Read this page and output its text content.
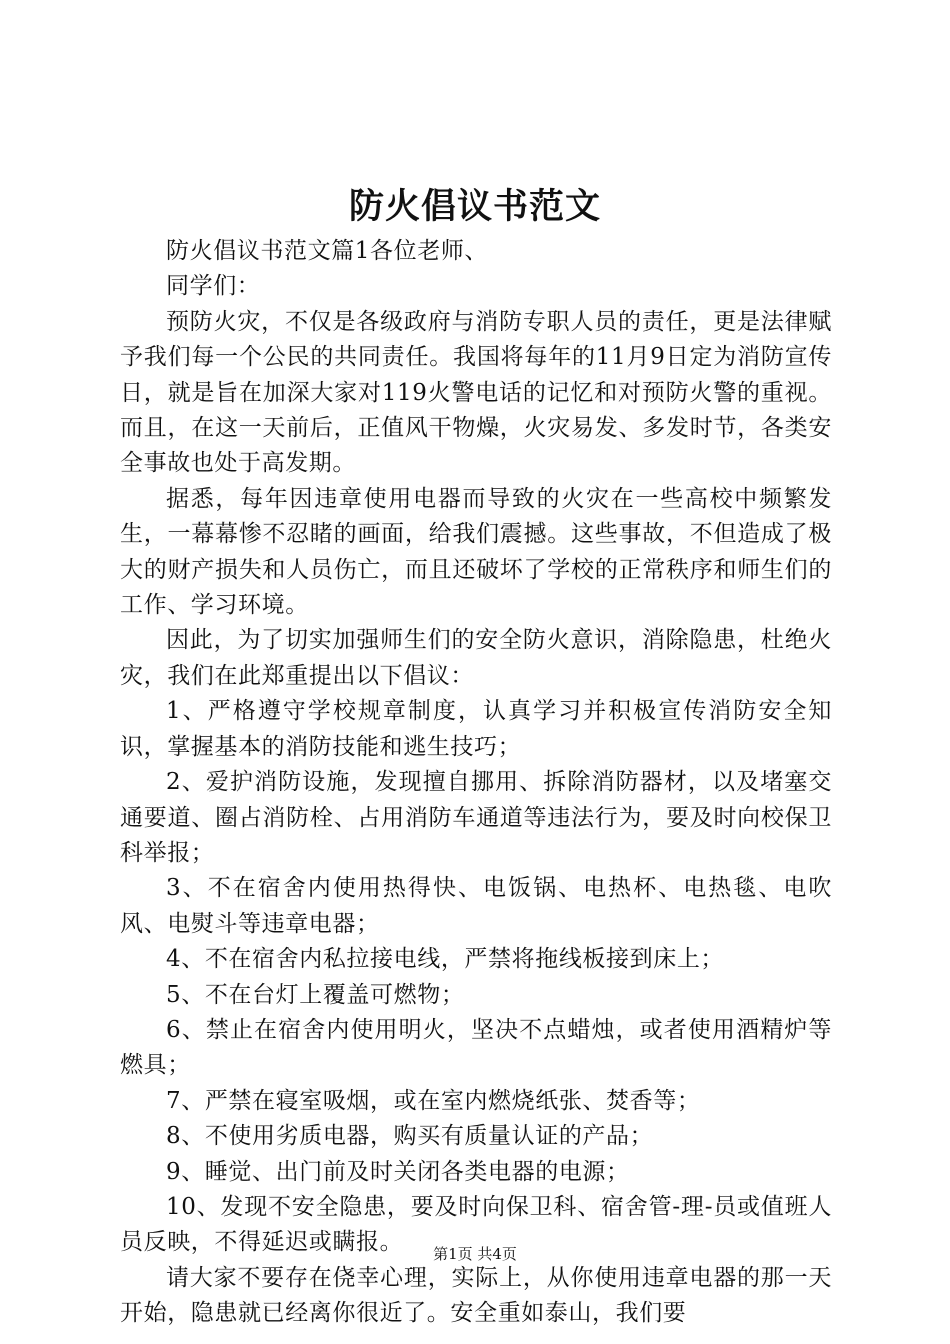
防火倡议书范文

防火倡议书范文篇1各位老师、

同学们：

预防火灾，不仅是各级政府与消防专职人员的责任，更是法律赋予我们每一个公民的共同责任。我国将每年的11月9日定为消防宣传日，就是旨在加深大家对119火警电话的记忆和对预防火警的重视。而且，在这一天前后，正值风干物燥，火灾易发、多发时节，各类安全事故也处于高发期。

据悉，每年因违章使用电器而导致的火灾在一些高校中频繁发生，一幕幕惨不忍睹的画面，给我们震撼。这些事故，不但造成了极大的财产损失和人员伤亡，而且还破坏了学校的正常秩序和师生们的工作、学习环境。

因此，为了切实加强师生们的安全防火意识，消除隐患，杜绝火灾，我们在此郑重提出以下倡议：

1、严格遵守学校规章制度，认真学习并积极宣传消防安全知识，掌握基本的消防技能和逃生技巧；

2、爱护消防设施，发现擅自挪用、拆除消防器材，以及堵塞交通要道、圈占消防栓、占用消防车通道等违法行为，要及时向校保卫科举报；

3、不在宿舍内使用热得快、电饭锅、电热杯、电热毯、电吹风、电熨斗等违章电器；

4、不在宿舍内私拉接电线，严禁将拖线板接到床上；

5、不在台灯上覆盖可燃物；

6、禁止在宿舍内使用明火，坚决不点蜡烛，或者使用酒精炉等燃具；

7、严禁在寝室吸烟，或在室内燃烧纸张、焚香等；

8、不使用劣质电器，购买有质量认证的产品；

9、睡觉、出门前及时关闭各类电器的电源；

10、发现不安全隐患，要及时向保卫科、宿舍管-理-员或值班人员反映，不得延迟或瞒报。

请大家不要存在侥幸心理，实际上，从你使用违章电器的那一天开始，隐患就已经离你很近了。安全重如泰山，我们要

第1页 共4页
